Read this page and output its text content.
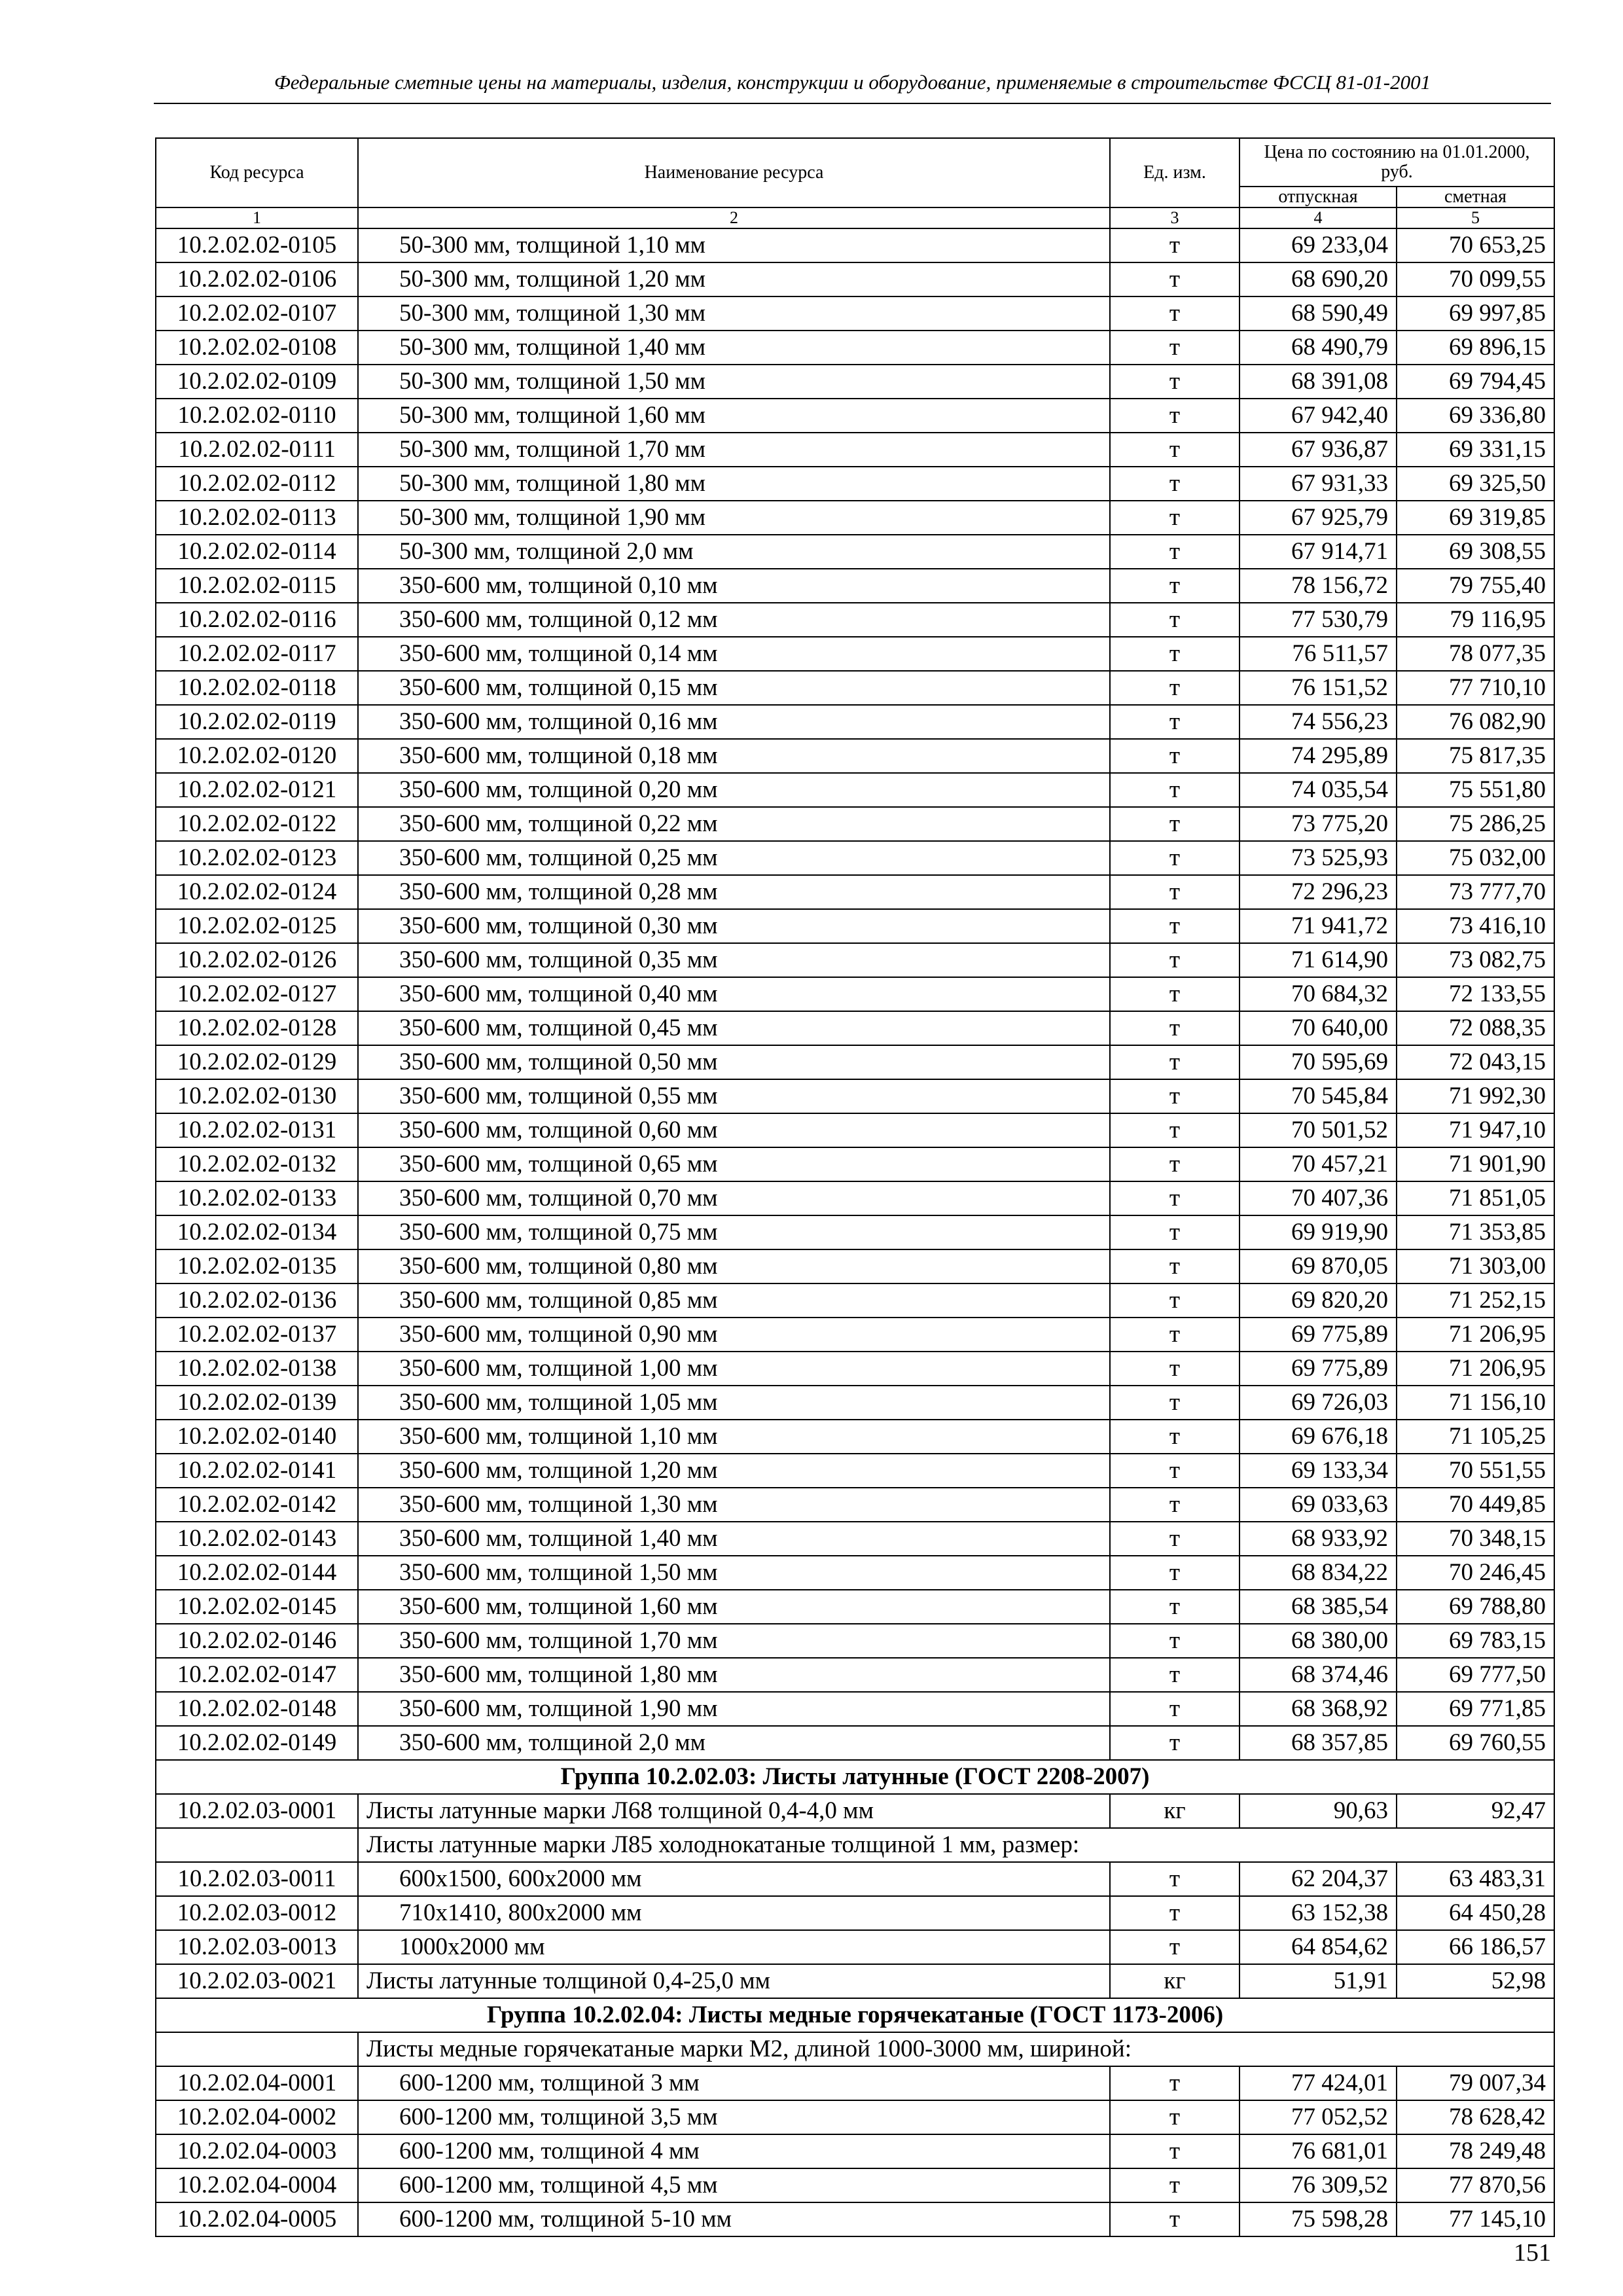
Федеральные сметные цены на материалы, изделия, конструкции и оборудование, применяемые в строительстве ФССЦ 81-01-2001
Код ресурса	Наименование ресурса	Ед. изм.	Цена по состоянию на 01.01.2000, руб.	
			отпускная	сметная
1	2	3	4	5
10.2.02.02-0105	50-300 мм, толщиной 1,10 мм	т	69 233,04	70 653,25
10.2.02.02-0106	50-300 мм, толщиной 1,20 мм	т	68 690,20	70 099,55
10.2.02.02-0107	50-300 мм, толщиной 1,30 мм	т	68 590,49	69 997,85
10.2.02.02-0108	50-300 мм, толщиной 1,40 мм	т	68 490,79	69 896,15
10.2.02.02-0109	50-300 мм, толщиной 1,50 мм	т	68 391,08	69 794,45
10.2.02.02-0110	50-300 мм, толщиной 1,60 мм	т	67 942,40	69 336,80
10.2.02.02-0111	50-300 мм, толщиной 1,70 мм	т	67 936,87	69 331,15
10.2.02.02-0112	50-300 мм, толщиной 1,80 мм	т	67 931,33	69 325,50
10.2.02.02-0113	50-300 мм, толщиной 1,90 мм	т	67 925,79	69 319,85
10.2.02.02-0114	50-300 мм, толщиной 2,0 мм	т	67 914,71	69 308,55
10.2.02.02-0115	350-600 мм, толщиной 0,10 мм	т	78 156,72	79 755,40
10.2.02.02-0116	350-600 мм, толщиной 0,12 мм	т	77 530,79	79 116,95
10.2.02.02-0117	350-600 мм, толщиной 0,14 мм	т	76 511,57	78 077,35
10.2.02.02-0118	350-600 мм, толщиной 0,15 мм	т	76 151,52	77 710,10
10.2.02.02-0119	350-600 мм, толщиной 0,16 мм	т	74 556,23	76 082,90
10.2.02.02-0120	350-600 мм, толщиной 0,18 мм	т	74 295,89	75 817,35
10.2.02.02-0121	350-600 мм, толщиной 0,20 мм	т	74 035,54	75 551,80
10.2.02.02-0122	350-600 мм, толщиной 0,22 мм	т	73 775,20	75 286,25
10.2.02.02-0123	350-600 мм, толщиной 0,25 мм	т	73 525,93	75 032,00
10.2.02.02-0124	350-600 мм, толщиной 0,28 мм	т	72 296,23	73 777,70
10.2.02.02-0125	350-600 мм, толщиной 0,30 мм	т	71 941,72	73 416,10
10.2.02.02-0126	350-600 мм, толщиной 0,35 мм	т	71 614,90	73 082,75
10.2.02.02-0127	350-600 мм, толщиной 0,40 мм	т	70 684,32	72 133,55
10.2.02.02-0128	350-600 мм, толщиной 0,45 мм	т	70 640,00	72 088,35
10.2.02.02-0129	350-600 мм, толщиной 0,50 мм	т	70 595,69	72 043,15
10.2.02.02-0130	350-600 мм, толщиной 0,55 мм	т	70 545,84	71 992,30
10.2.02.02-0131	350-600 мм, толщиной 0,60 мм	т	70 501,52	71 947,10
10.2.02.02-0132	350-600 мм, толщиной 0,65 мм	т	70 457,21	71 901,90
10.2.02.02-0133	350-600 мм, толщиной 0,70 мм	т	70 407,36	71 851,05
10.2.02.02-0134	350-600 мм, толщиной 0,75 мм	т	69 919,90	71 353,85
10.2.02.02-0135	350-600 мм, толщиной 0,80 мм	т	69 870,05	71 303,00
10.2.02.02-0136	350-600 мм, толщиной 0,85 мм	т	69 820,20	71 252,15
10.2.02.02-0137	350-600 мм, толщиной 0,90 мм	т	69 775,89	71 206,95
10.2.02.02-0138	350-600 мм, толщиной 1,00 мм	т	69 775,89	71 206,95
10.2.02.02-0139	350-600 мм, толщиной 1,05 мм	т	69 726,03	71 156,10
10.2.02.02-0140	350-600 мм, толщиной 1,10 мм	т	69 676,18	71 105,25
10.2.02.02-0141	350-600 мм, толщиной 1,20 мм	т	69 133,34	70 551,55
10.2.02.02-0142	350-600 мм, толщиной 1,30 мм	т	69 033,63	70 449,85
10.2.02.02-0143	350-600 мм, толщиной 1,40 мм	т	68 933,92	70 348,15
10.2.02.02-0144	350-600 мм, толщиной 1,50 мм	т	68 834,22	70 246,45
10.2.02.02-0145	350-600 мм, толщиной 1,60 мм	т	68 385,54	69 788,80
10.2.02.02-0146	350-600 мм, толщиной 1,70 мм	т	68 380,00	69 783,15
10.2.02.02-0147	350-600 мм, толщиной 1,80 мм	т	68 374,46	69 777,50
10.2.02.02-0148	350-600 мм, толщиной 1,90 мм	т	68 368,92	69 771,85
10.2.02.02-0149	350-600 мм, толщиной 2,0 мм	т	68 357,85	69 760,55
Группа 10.2.02.03: Листы латунные (ГОСТ 2208-2007)				
10.2.02.03-0001	Листы латунные марки Л68 толщиной 0,4-4,0 мм	кг	90,63	92,47
	Листы латунные марки Л85 холоднокатаные толщиной 1 мм, размер:			
10.2.02.03-0011	600х1500, 600х2000 мм	т	62 204,37	63 483,31
10.2.02.03-0012	710х1410, 800х2000 мм	т	63 152,38	64 450,28
10.2.02.03-0013	1000х2000 мм	т	64 854,62	66 186,57
10.2.02.03-0021	Листы латунные толщиной 0,4-25,0 мм	кг	51,91	52,98
Группа 10.2.02.04: Листы медные горячекатаные (ГОСТ 1173-2006)				
	Листы медные горячекатаные марки М2, длиной 1000-3000 мм, шириной:			
10.2.02.04-0001	600-1200 мм, толщиной 3 мм	т	77 424,01	79 007,34
10.2.02.04-0002	600-1200 мм, толщиной 3,5 мм	т	77 052,52	78 628,42
10.2.02.04-0003	600-1200 мм, толщиной 4 мм	т	76 681,01	78 249,48
10.2.02.04-0004	600-1200 мм, толщиной 4,5 мм	т	76 309,52	77 870,56
10.2.02.04-0005	600-1200 мм, толщиной 5-10 мм	т	75 598,28	77 145,10
151
